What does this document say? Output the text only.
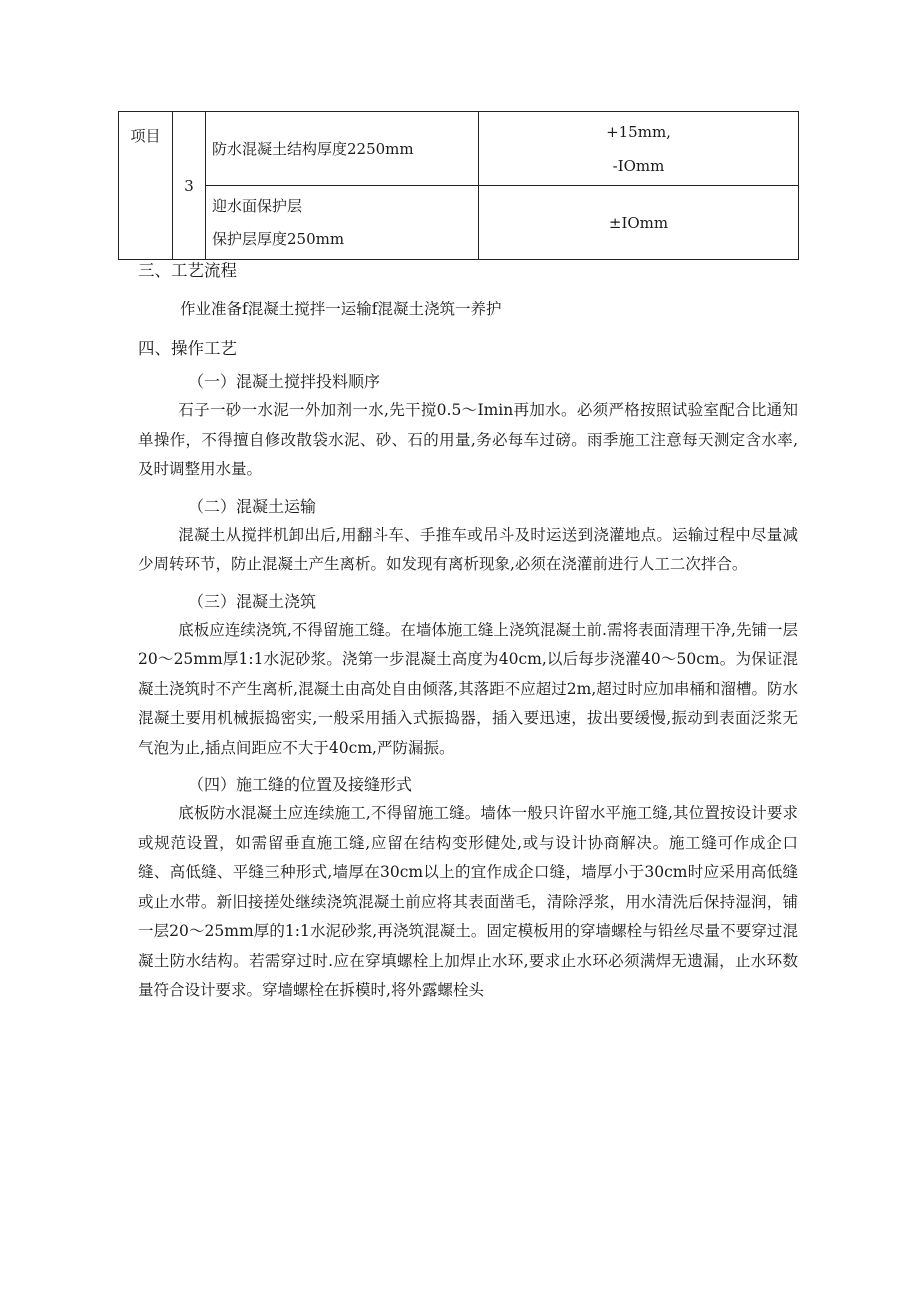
项目	3	防水混凝土结构厚度2250mm	+15mm,
-IOmm

		迎水面保护层
保护层厚度250mm	±IOmm
三、工艺流程
作业准备f混凝土搅拌一运输f混凝土浇筑一养护
四、操作工艺
（一）混凝土搅拌投料顺序

石子一砂一水泥一外加剂一水,先干搅0.5～Imin再加水。必须严格按照试验室配合比通知单操作，不得擅自修改散袋水泥、砂、石的用量,务必每车过磅。雨季施工注意每天测定含水率,及时调整用水量。

（二）混凝土运输

混凝土从搅拌机卸出后,用翻斗车、手推车或吊斗及时运送到浇灌地点。运输过程中尽量减少周转环节，防止混凝土产生离析。如发现有离析现象,必须在浇灌前进行人工二次拌合。

（三）混凝土浇筑

底板应连续浇筑,不得留施工缝。在墙体施工缝上浇筑混凝土前.需将表面清理干净,先铺一层20～25mm厚1:1水泥砂浆。浇第一步混凝土高度为40cm,以后每步浇灌40～50cm。为保证混凝土浇筑时不产生离析,混凝土由高处自由倾落,其落距不应超过2m,超过时应加串桶和溜槽。防水混凝土要用机械振捣密实,一般采用插入式振捣器，插入要迅速，拔出要缓慢,振动到表面泛浆无气泡为止,插点间距应不大于40cm,严防漏振。

（四）施工缝的位置及接缝形式

底板防水混凝土应连续施工,不得留施工缝。墙体一般只许留水平施工缝,其位置按设计要求或规范设置，如需留垂直施工缝,应留在结构变形健处,或与设计协商解决。施工缝可作成企口缝、高低缝、平缝三种形式,墙厚在30cm以上的宜作成企口缝，墙厚小于30cm时应采用高低缝或止水带。新旧接搓处继续浇筑混凝土前应将其表面凿毛，清除浮浆，用水清洗后保持湿润，铺一层20～25mm厚的1:1水泥砂浆,再浇筑混凝土。固定模板用的穿墙螺栓与铅丝尽量不要穿过混凝土防水结构。若需穿过时.应在穿填螺栓上加焊止水环,要求止水环必须满焊无遗漏，止水环数量符合设计要求。穿墙螺栓在拆模时,将外露螺栓头
